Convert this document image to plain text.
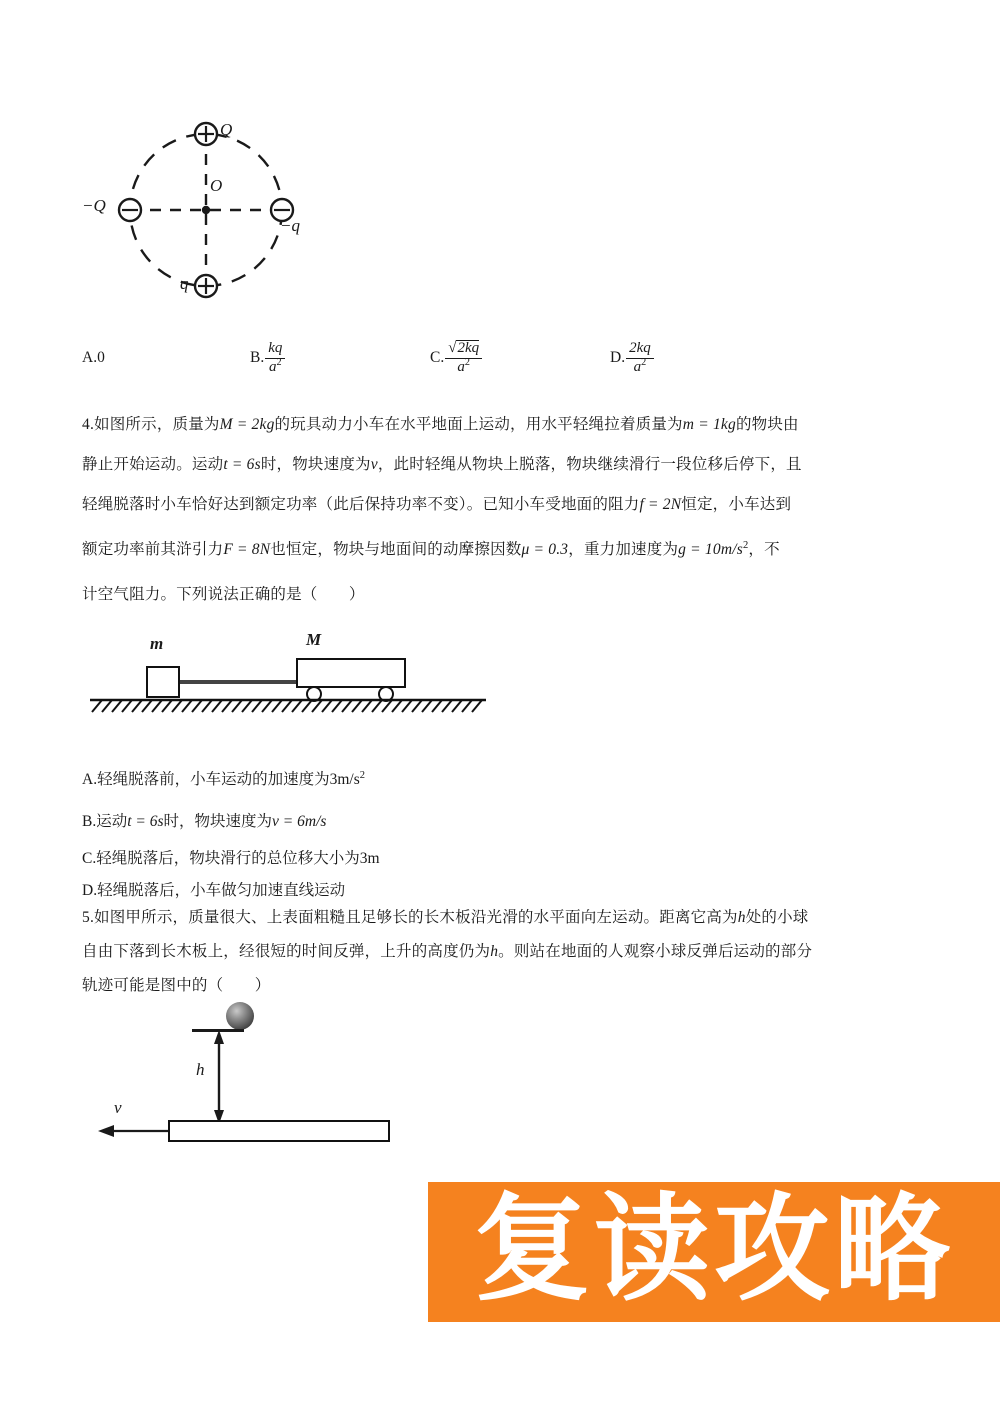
Q
−Q
−q
q
O
A. 0	B. $\frac{kq}{a^2}$	C. $\frac{√2kq}{a^2}$	D. $\frac{2kq}{a^2}$
4.如图所示，质量为M = 2kg的玩具动力小车在水平地面上运动，用水平轻绳拉着质量为m = 1kg的物块由
静止开始运动。运动t = 6s时，物块速度为v，此时轻绳从物块上脱落，物块继续滑行一段位移后停下，且
轻绳脱落时小车恰好达到额定功率（此后保持功率不变）。已知小车受地面的阻力f = 2N恒定，小车达到
额定功率前其浒引力F = 8N也恒定，物块与地面间的动摩擦因数μ = 0.3，重力加速度为$g = 10m/s^2$，不
计空气阻力。下列说法正确的是（　　）
m	M
A.轻绳脱落前，小车运动的加速度为$3m/s^2$
B.运动t = 6s时，物块速度为v = 6m/s
C.轻绳脱落后，物块滑行的总位移大小为3m
D.轻绳脱落后，小车做匀加速直线运动
5.如图甲所示，质量很大、上表面粗糙且足够长的长木板沿光滑的水平面向左运动。距离它高为h处的小球
自由下落到长木板上，经很短的时间反弹，上升的高度仍为h。则站在地面的人观察小球反弹后运动的部分
轨迹可能是图中的（　　）
h
v
复读攻略
